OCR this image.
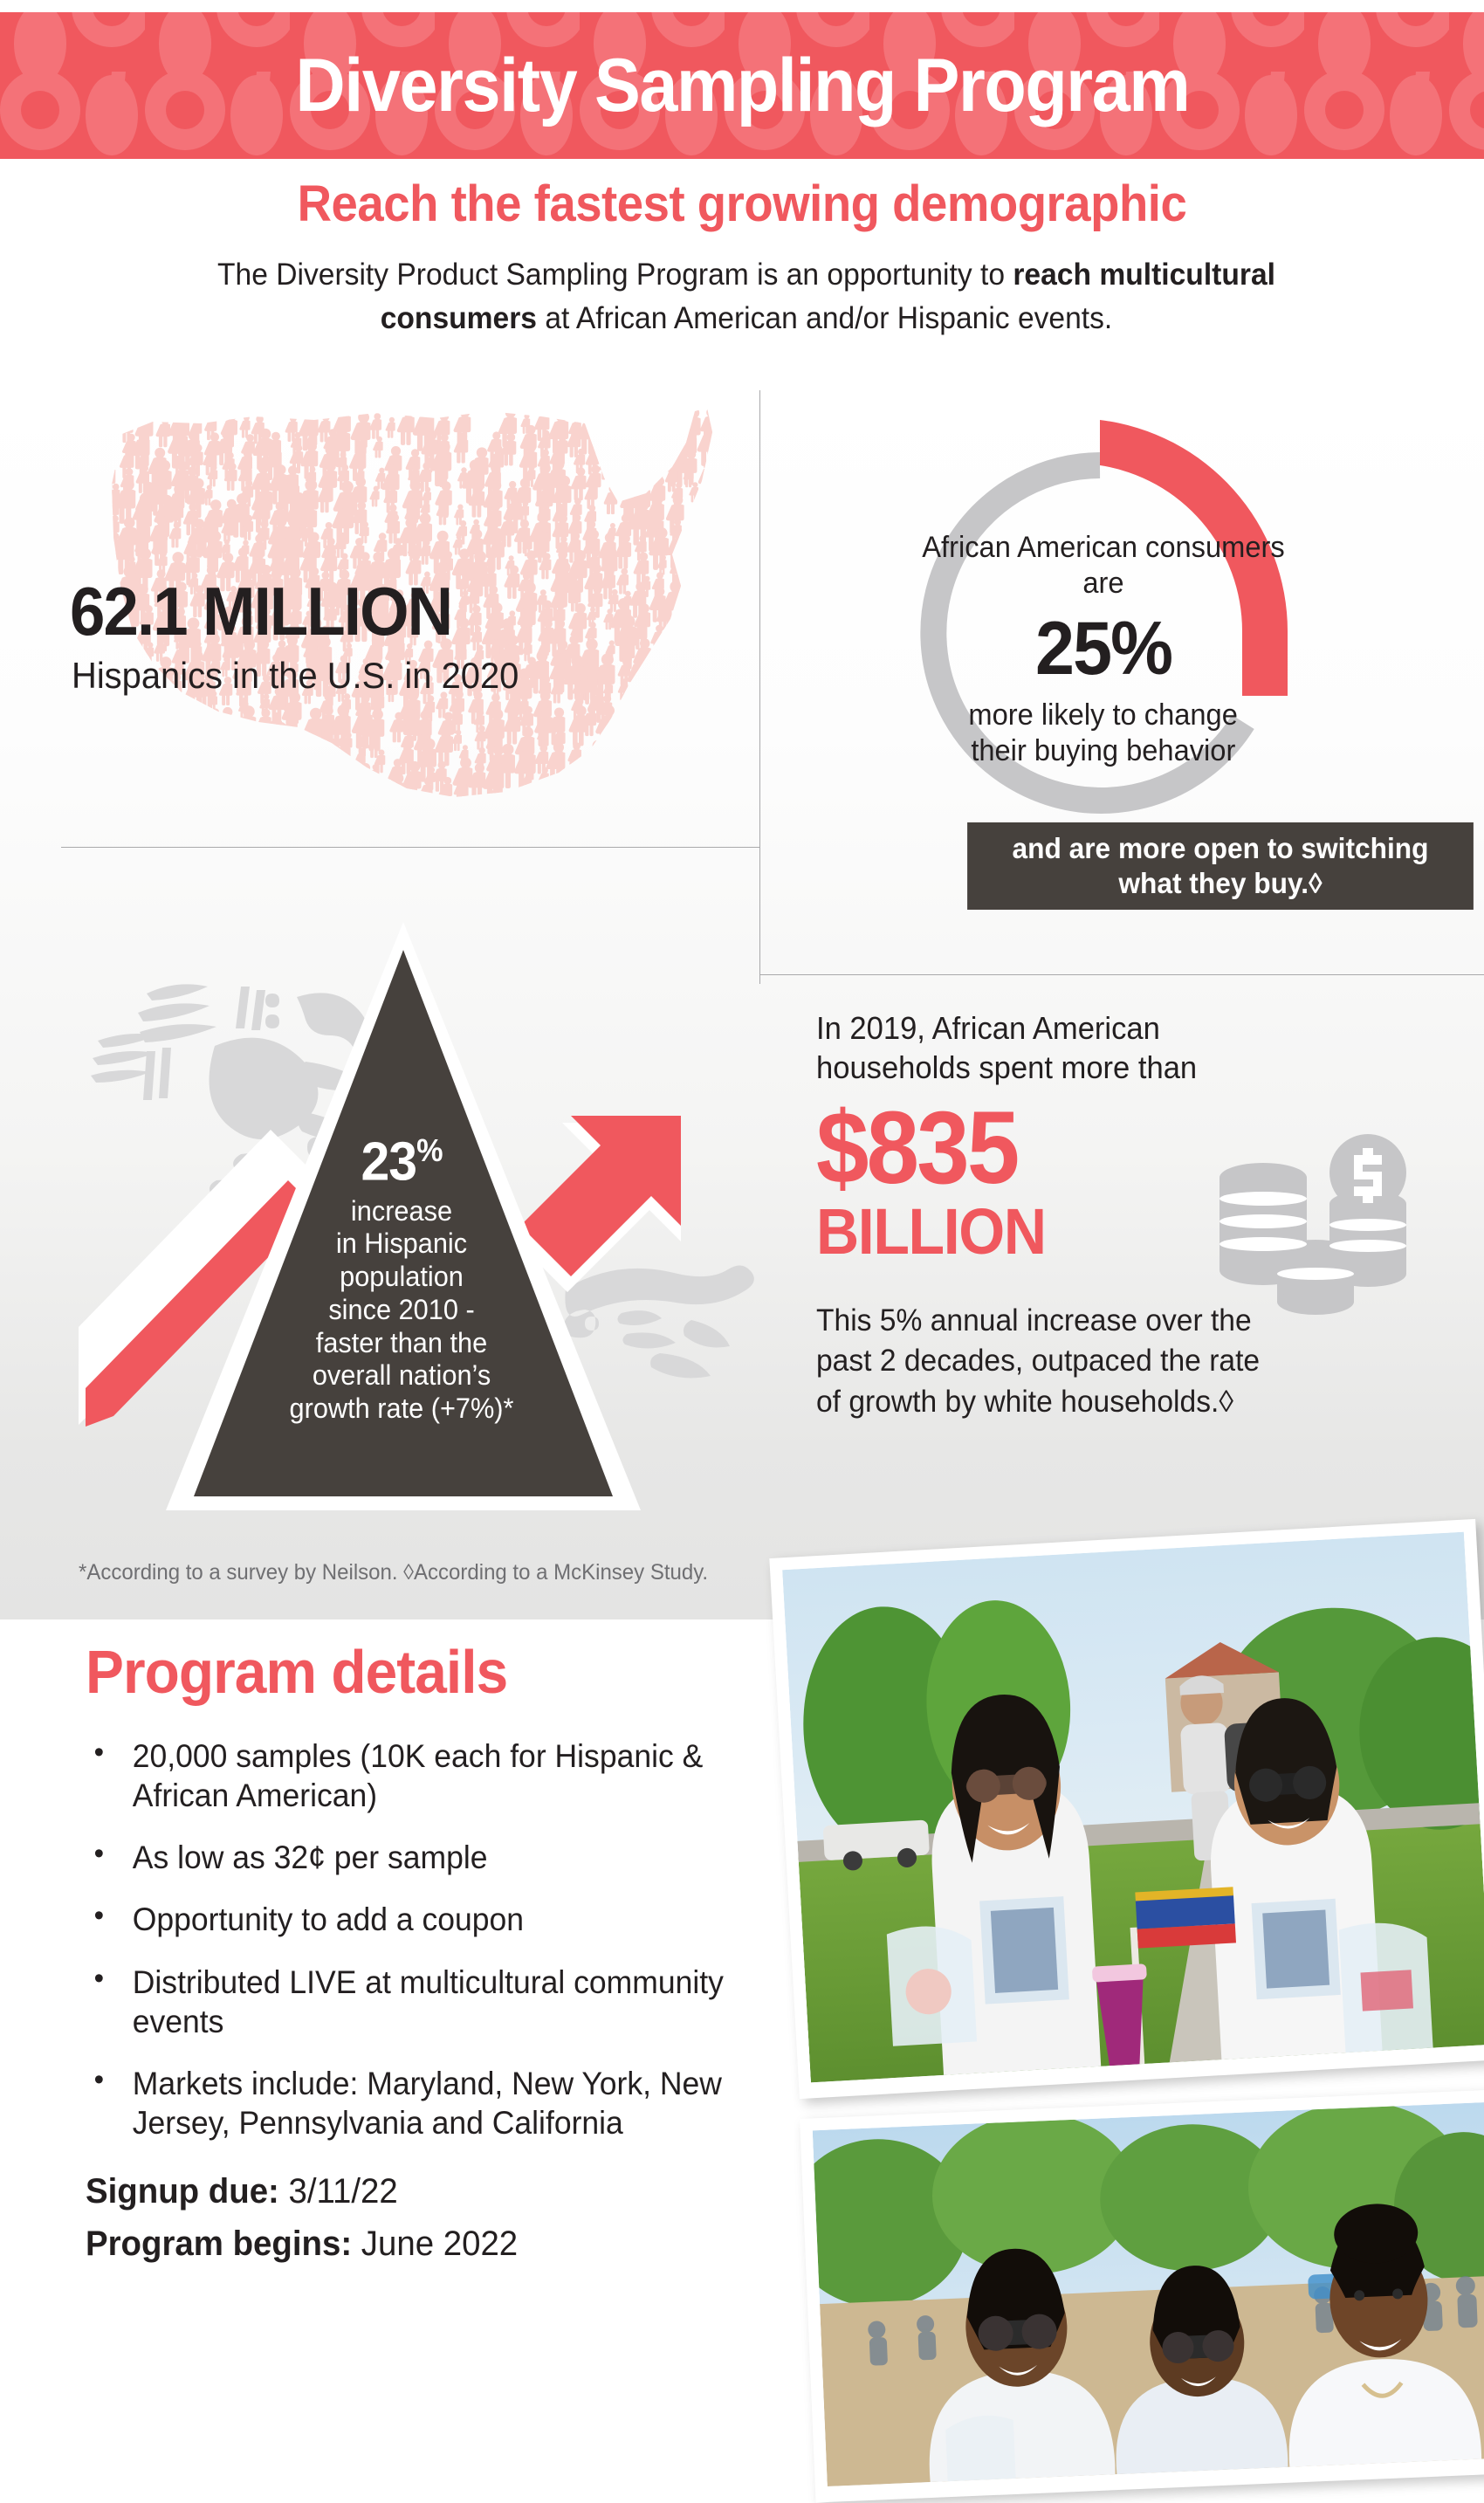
Diversity Sampling Program
Reach the fastest growing demographic

The Diversity Product Sampling Program is an opportunity to reach multicultural consumers at African American and/or Hispanic events.

62.1 MILLION
Hispanics in the U.S. in 2020
African American consumers are
25%
more likely to change
their buying behavior
and are more open to switching
what they buy.◊
23%
increase
in Hispanic
population
since 2010 -
faster than the
overall nation’s
growth rate (+7%)*
In 2019, African American
households spent more than
$835
BILLION
This 5% annual increase over the
past 2 decades, outpaced the rate
of growth by white households.◊
*According to a survey by Neilson. ◊According to a McKinsey Study.
Program details
• 20,000 samples (10K each for Hispanic & African American)
• As low as 32¢ per sample
• Opportunity to add a coupon
• Distributed LIVE at multicultural community events
• Markets include: Maryland, New York, New Jersey, Pennsylvania and California
Signup due: 3/11/22
Program begins: June 2022
